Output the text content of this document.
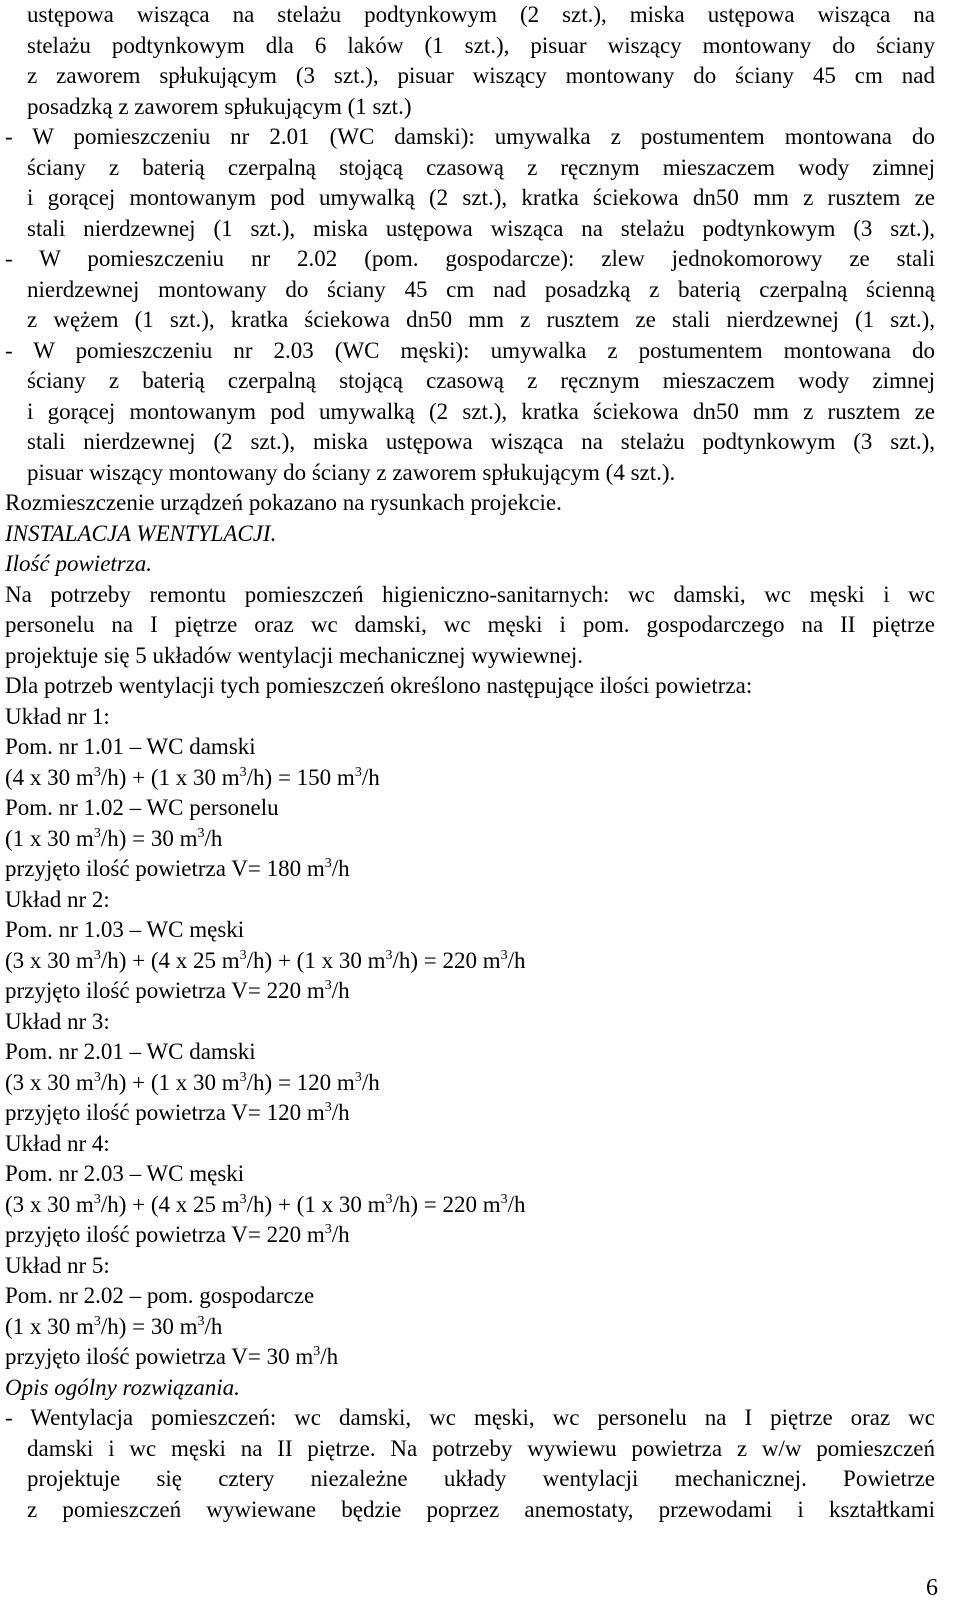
ustępowa wisząca na stelażu podtynkowym (2 szt.), miska ustępowa wisząca na
stelażu podtynkowym dla 6 laków (1 szt.), pisuar wiszący montowany do ściany
z zaworem spłukującym (3 szt.), pisuar wiszący montowany do ściany 45 cm nad
posadzką z zaworem spłukującym (1 szt.)
- W pomieszczeniu nr 2.01 (WC damski): umywalka z postumentem montowana do
ściany z baterią czerpalną stojącą czasową z ręcznym mieszaczem wody zimnej
i gorącej montowanym pod umywalką (2 szt.), kratka ściekowa dn50 mm z rusztem ze
stali nierdzewnej (1 szt.), miska ustępowa wisząca na stelażu podtynkowym (3 szt.),
- W pomieszczeniu nr 2.02 (pom. gospodarcze): zlew jednokomorowy ze stali
nierdzewnej montowany do ściany 45 cm nad posadzką z baterią czerpalną ścienną
z wężem (1 szt.), kratka ściekowa dn50 mm z rusztem ze stali nierdzewnej (1 szt.),
- W pomieszczeniu nr 2.03 (WC męski): umywalka z postumentem montowana do
ściany z baterią czerpalną stojącą czasową z ręcznym mieszaczem wody zimnej
i gorącej montowanym pod umywalką (2 szt.), kratka ściekowa dn50 mm z rusztem ze
stali nierdzewnej (2 szt.), miska ustępowa wisząca na stelażu podtynkowym (3 szt.),
pisuar wiszący montowany do ściany z zaworem spłukującym (4 szt.).
Rozmieszczenie urządzeń pokazano na rysunkach projekcie.
INSTALACJA WENTYLACJI.
Ilość powietrza.
Na potrzeby remontu pomieszczeń higieniczno-sanitarnych: wc damski, wc męski i wc
personelu na I piętrze oraz wc damski, wc męski i pom. gospodarczego na II piętrze
projektuje się 5 układów wentylacji mechanicznej wywiewnej.
Dla potrzeb wentylacji tych pomieszczeń określono następujące ilości powietrza:
Układ nr 1:
Pom. nr 1.01 – WC damski
(4 x 30 $m^3/h) + (1$ x 30 $m^3/h) = 150$ $m^3/h$
Pom. nr 1.02 – WC personelu
(1 x 30 $m^3/h) = 30$ $m^3/h$
przyjęto ilość powietrza V= 180 $m^3/h$
Układ nr 2:
Pom. nr 1.03 – WC męski
(3 x 30 $m^3/h) + (4$ x 25 $m^3/h) + (1$ x 30 $m^3/h) = 220$ $m^3/h$
przyjęto ilość powietrza V= 220 $m^3/h$
Układ nr 3:
Pom. nr 2.01 – WC damski
(3 x 30 $m^3/h) + (1$ x 30 $m^3/h) = 120$ $m^3/h$
przyjęto ilość powietrza V= 120 $m^3/h$
Układ nr 4:
Pom. nr 2.03 – WC męski
(3 x 30 $m^3/h) + (4$ x 25 $m^3/h) + (1$ x 30 $m^3/h) = 220$ $m^3/h$
przyjęto ilość powietrza V= 220 $m^3/h$
Układ nr 5:
Pom. nr 2.02 – pom. gospodarcze
(1 x 30 $m^3/h) = 30$ $m^3/h$
przyjęto ilość powietrza V= 30 $m^3/h$
Opis ogólny rozwiązania.
- Wentylacja pomieszczeń: wc damski, wc męski, wc personelu na I piętrze oraz wc
damski i wc męski na II piętrze. Na potrzeby wywiewu powietrza z w/w pomieszczeń
projektuje się cztery niezależne układy wentylacji mechanicznej. Powietrze
z pomieszczeń wywiewane będzie poprzez anemostaty, przewodami i kształtkami
6
